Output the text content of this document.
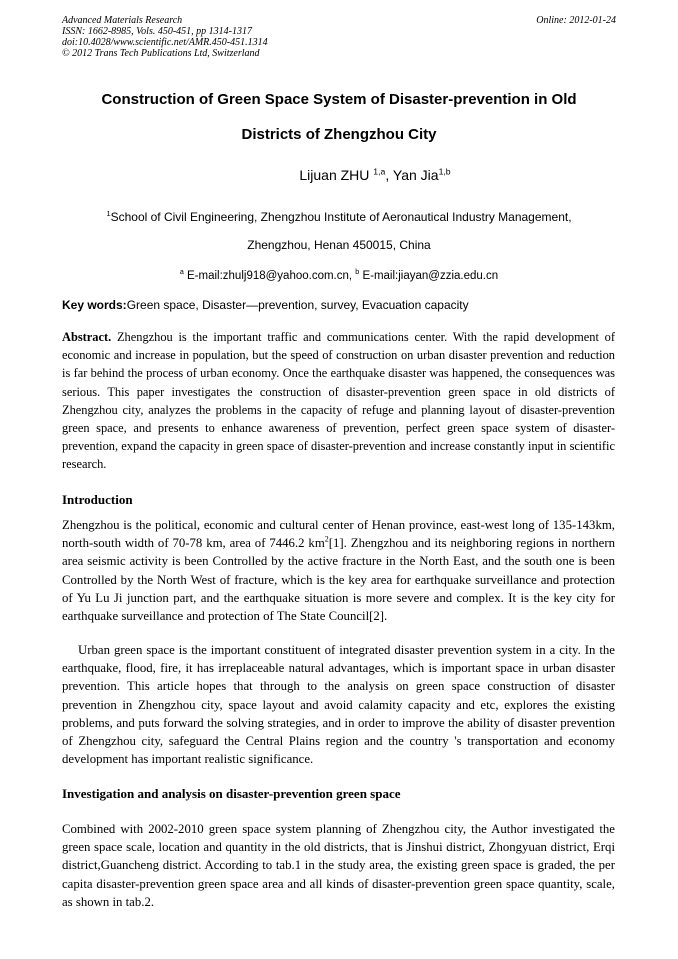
Advanced Materials Research
ISSN: 1662-8985, Vols. 450-451, pp 1314-1317
doi:10.4028/www.scientific.net/AMR.450-451.1314
© 2012 Trans Tech Publications Ltd, Switzerland
Online: 2012-01-24
Construction of Green Space System of Disaster-prevention in Old
Districts of Zhengzhou City
Lijuan ZHU $^{1,a}$, Yan Jia$^{1,b}$
$^1$School of Civil Engineering, Zhengzhou Institute of Aeronautical Industry Management,
Zhengzhou, Henan 450015, China
$^a$ E-mail:zhulj918@yahoo.com.cn, $^b$ E-mail:jiayan@zzia.edu.cn
Key words:Green space, Disaster—prevention, survey, Evacuation capacity
Abstract. Zhengzhou is the important traffic and communications center. With the rapid development of economic and increase in population, but the speed of construction on urban disaster prevention and reduction is far behind the process of urban economy. Once the earthquake disaster was happened, the consequences was serious. This paper investigates the construction of disaster-prevention green space in old districts of Zhengzhou city, analyzes the problems in the capacity of refuge and planning layout of disaster-prevention green space, and presents to enhance awareness of prevention, perfect green space system of disaster-prevention, expand the capacity in green space of disaster-prevention and increase constantly input in scientific research.
Introduction
Zhengzhou is the political, economic and cultural center of Henan province, east-west long of 135-143km, north-south width of 70-78 km, area of 7446.2 $km^2[1]$. Zhengzhou and its neighboring regions in northern area seismic activity is been Controlled by the active fracture in the North East, and the south one is been Controlled by the North West of fracture, which is the key area for earthquake surveillance and protection of Yu Lu Ji junction part, and the earthquake situation is more severe and complex. It is the key city for earthquake surveillance and protection of The State Council[2].
Urban green space is the important constituent of integrated disaster prevention system in a city. In the earthquake, flood, fire, it has irreplaceable natural advantages, which is important space in urban disaster prevention. This article hopes that through to the analysis on green space construction of disaster prevention in Zhengzhou city, space layout and avoid calamity capacity and etc, explores the existing problems, and puts forward the solving strategies, and in order to improve the ability of disaster prevention of Zhengzhou city, safeguard the Central Plains region and the country 's transportation and economy development has important realistic significance.
Investigation and analysis on disaster-prevention green space
Combined with 2002-2010 green space system planning of Zhengzhou city, the Author investigated the green space scale, location and quantity in the old districts, that is Jinshui district, Zhongyuan district, Erqi district,Guancheng district. According to tab.1 in the study area, the existing green space is graded, the per capita disaster-prevention green space area and all kinds of disaster-prevention green space quantity, scale, as shown in tab.2.
